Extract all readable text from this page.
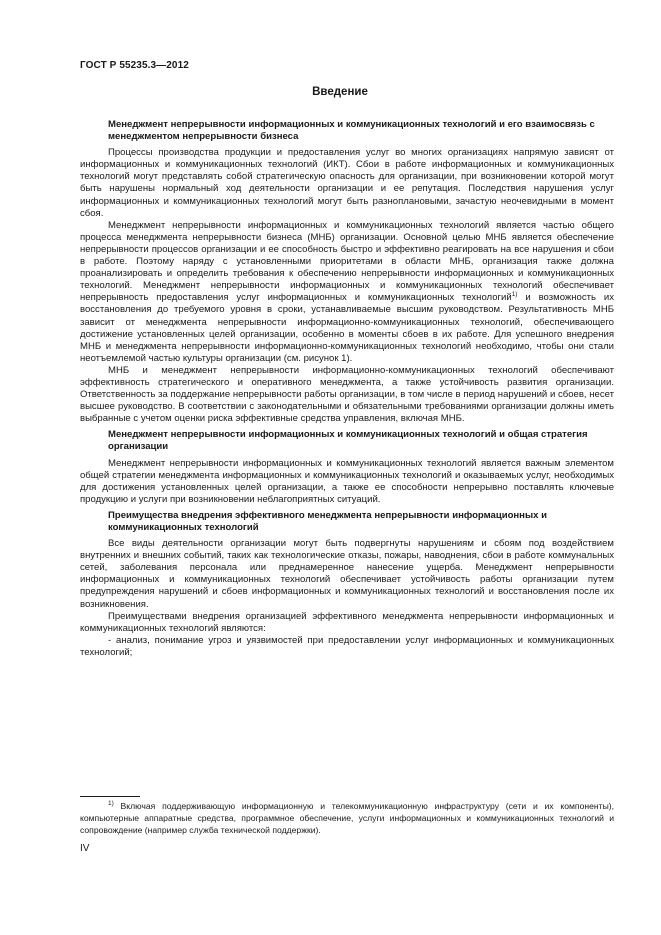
ГОСТ Р 55235.3—2012
Введение
Менеджмент непрерывности информационных и коммуникационных технологий и его взаимосвязь с менеджментом непрерывности бизнеса

Процессы производства продукции и предоставления услуг во многих организациях напрямую зависят от информационных и коммуникационных технологий (ИКТ). Сбои в работе информационных и коммуникационных технологий могут представлять собой стратегическую опасность для организации, при возникновении которой могут быть нарушены нормальный ход деятельности организации и ее репутация. Последствия нарушения услуг информационных и коммуникационных технологий могут быть разноплановыми, зачастую неочевидными в момент сбоя.

Менеджмент непрерывности информационных и коммуникационных технологий является частью общего процесса менеджмента непрерывности бизнеса (МНБ) организации. Основной целью МНБ является обеспечение непрерывности процессов организации и ее способность быстро и эффективно реагировать на все нарушения и сбои в работе. Поэтому наряду с установленными приоритетами в области МНБ, организация также должна проанализировать и определить требования к обеспечению непрерывности информационных и коммуникационных технологий. Менеджмент непрерывности информационных и коммуникационных технологий обеспечивает непрерывность предоставления услуг информационных и коммуникационных технологий$^{1)}$ и возможность их восстановления до требуемого уровня в сроки, устанавливаемые высшим руководством. Результативность МНБ зависит от менеджмента непрерывности информационно-коммуникационных технологий, обеспечивающего достижение установленных целей организации, особенно в моменты сбоев в их работе. Для успешного внедрения МНБ и менеджмента непрерывности информационно-коммуникационных технологий необходимо, чтобы они стали неотъемлемой частью культуры организации (см. рисунок 1).

МНБ и менеджмент непрерывности информационно-коммуникационных технологий обеспечивают эффективность стратегического и оперативного менеджмента, а также устойчивость развития организации. Ответственность за поддержание непрерывности работы организации, в том числе в период нарушений и сбоев, несет высшее руководство. В соответствии с законодательными и обязательными требованиями организации должны иметь выбранные с учетом оценки риска эффективные средства управления, включая МНБ.

Менеджмент непрерывности информационных и коммуникационных технологий и общая стратегия организации

Менеджмент непрерывности информационных и коммуникационных технологий является важным элементом общей стратегии менеджмента информационных и коммуникационных технологий и оказываемых услуг, необходимых для достижения установленных целей организации, а также ее способности непрерывно поставлять ключевые продукцию и услуги при возникновении неблагоприятных ситуаций.

Преимущества внедрения эффективного менеджмента непрерывности информационных и коммуникационных технологий

Все виды деятельности организации могут быть подвергнуты нарушениям и сбоям под воздействием внутренних и внешних событий, таких как технологические отказы, пожары, наводнения, сбои в работе коммунальных сетей, заболевания персонала или преднамеренное нанесение ущерба. Менеджмент непрерывности информационных и коммуникационных технологий обеспечивает устойчивость работы организации путем предупреждения нарушений и сбоев информационных и коммуникационных технологий и восстановления после их возникновения.

Преимуществами внедрения организацией эффективного менеджмента непрерывности информационных и коммуникационных технологий являются:

- анализ, понимание угроз и уязвимостей при предоставлении услуг информационных и коммуникационных технологий;

$^{1)}$ Включая поддерживающую информационную и телекоммуникационную инфраструктуру (сети и их компоненты), компьютерные аппаратные средства, программное обеспечение, услуги информационных и коммуникационных технологий и сопровождение (например служба технической поддержки).
IV
